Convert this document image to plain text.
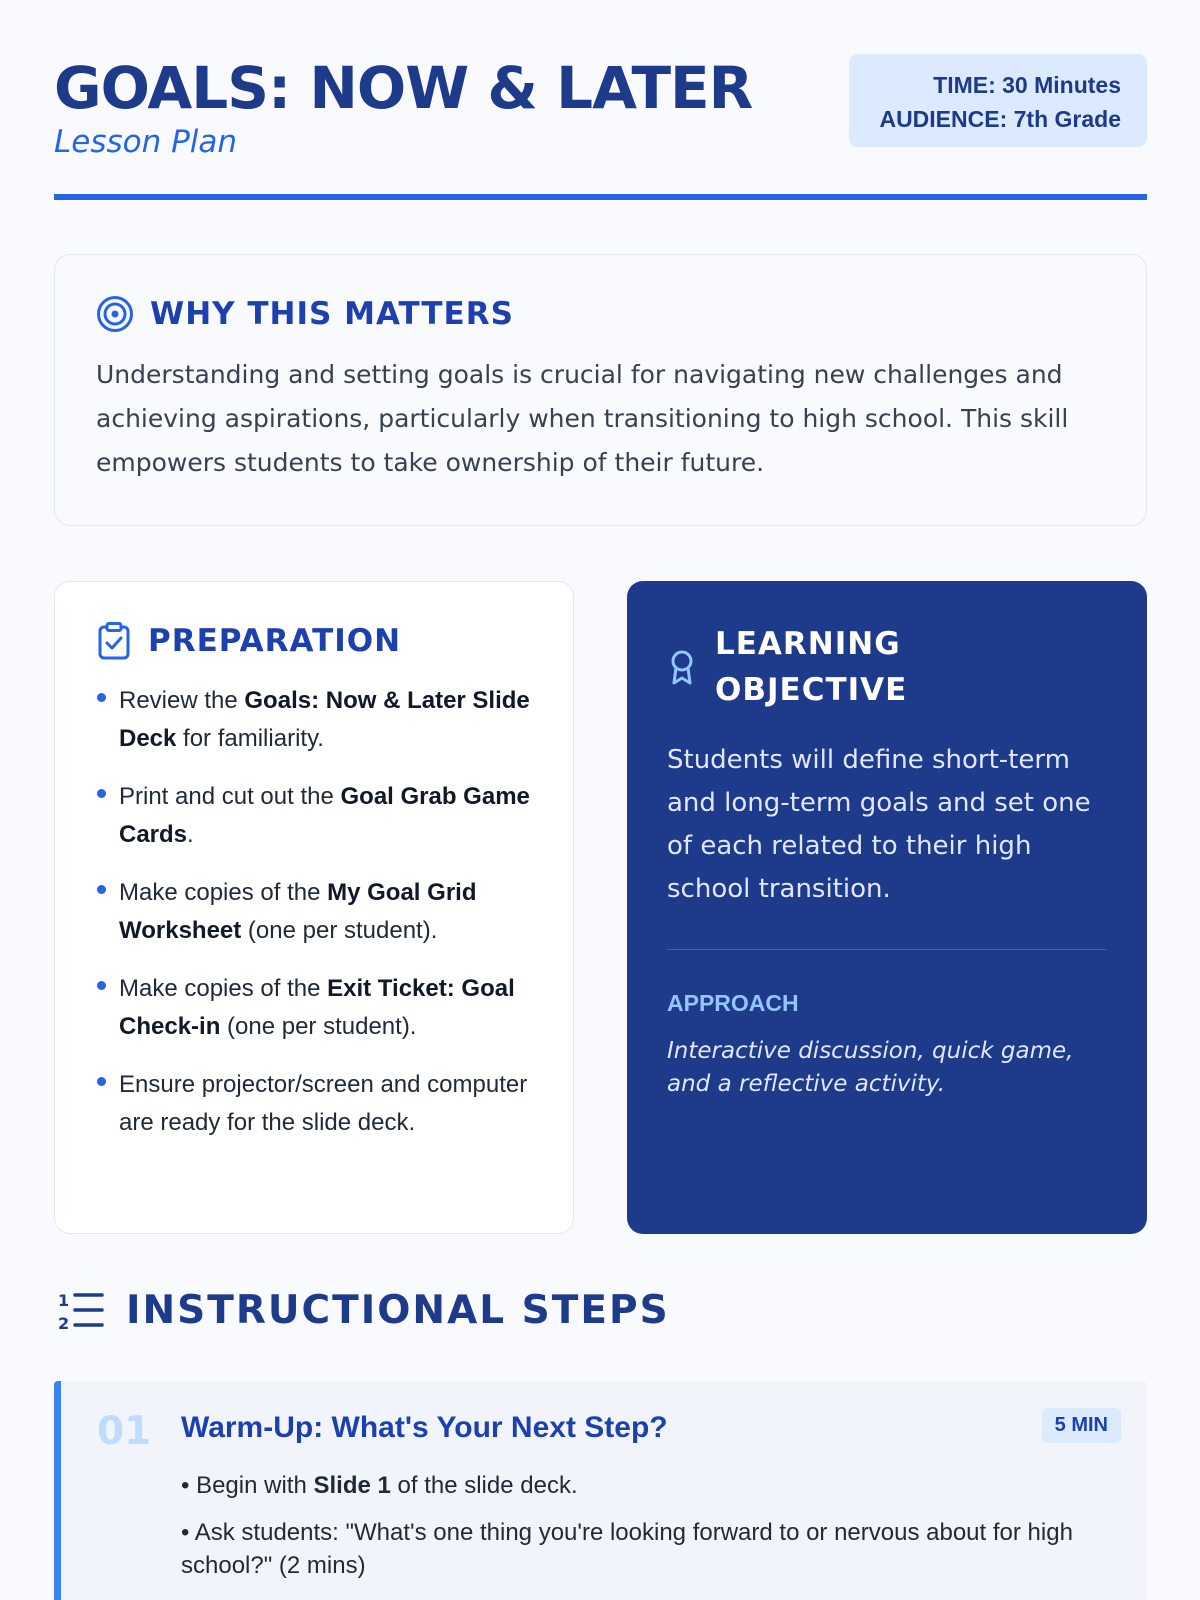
GOALS: NOW & LATER
Lesson Plan
TIME: 30 Minutes
AUDIENCE: 7th Grade
WHY THIS MATTERS

Understanding and setting goals is crucial for navigating new challenges and achieving aspirations, particularly when transitioning to high school. This skill empowers students to take ownership of their future.

PREPARATION
Review the Goals: Now & Later Slide Deck for familiarity.
Print and cut out the Goal Grab Game Cards.
Make copies of the My Goal Grid Worksheet (one per student).
Make copies of the Exit Ticket: Goal Check-in (one per student).
Ensure projector/screen and computer are ready for the slide deck.
LEARNING OBJECTIVE

Students will define short-term and long-term goals and set one of each related to their high school transition.

APPROACH

Interactive discussion, quick game, and a reflective activity.

1
2 INSTRUCTIONAL STEPS
01 Warm-Up: What's Your Next Step?	5 MIN

• Begin with Slide 1 of the slide deck.

• Ask students: "What's one thing you're looking forward to or nervous about for high school?" (2 mins)
